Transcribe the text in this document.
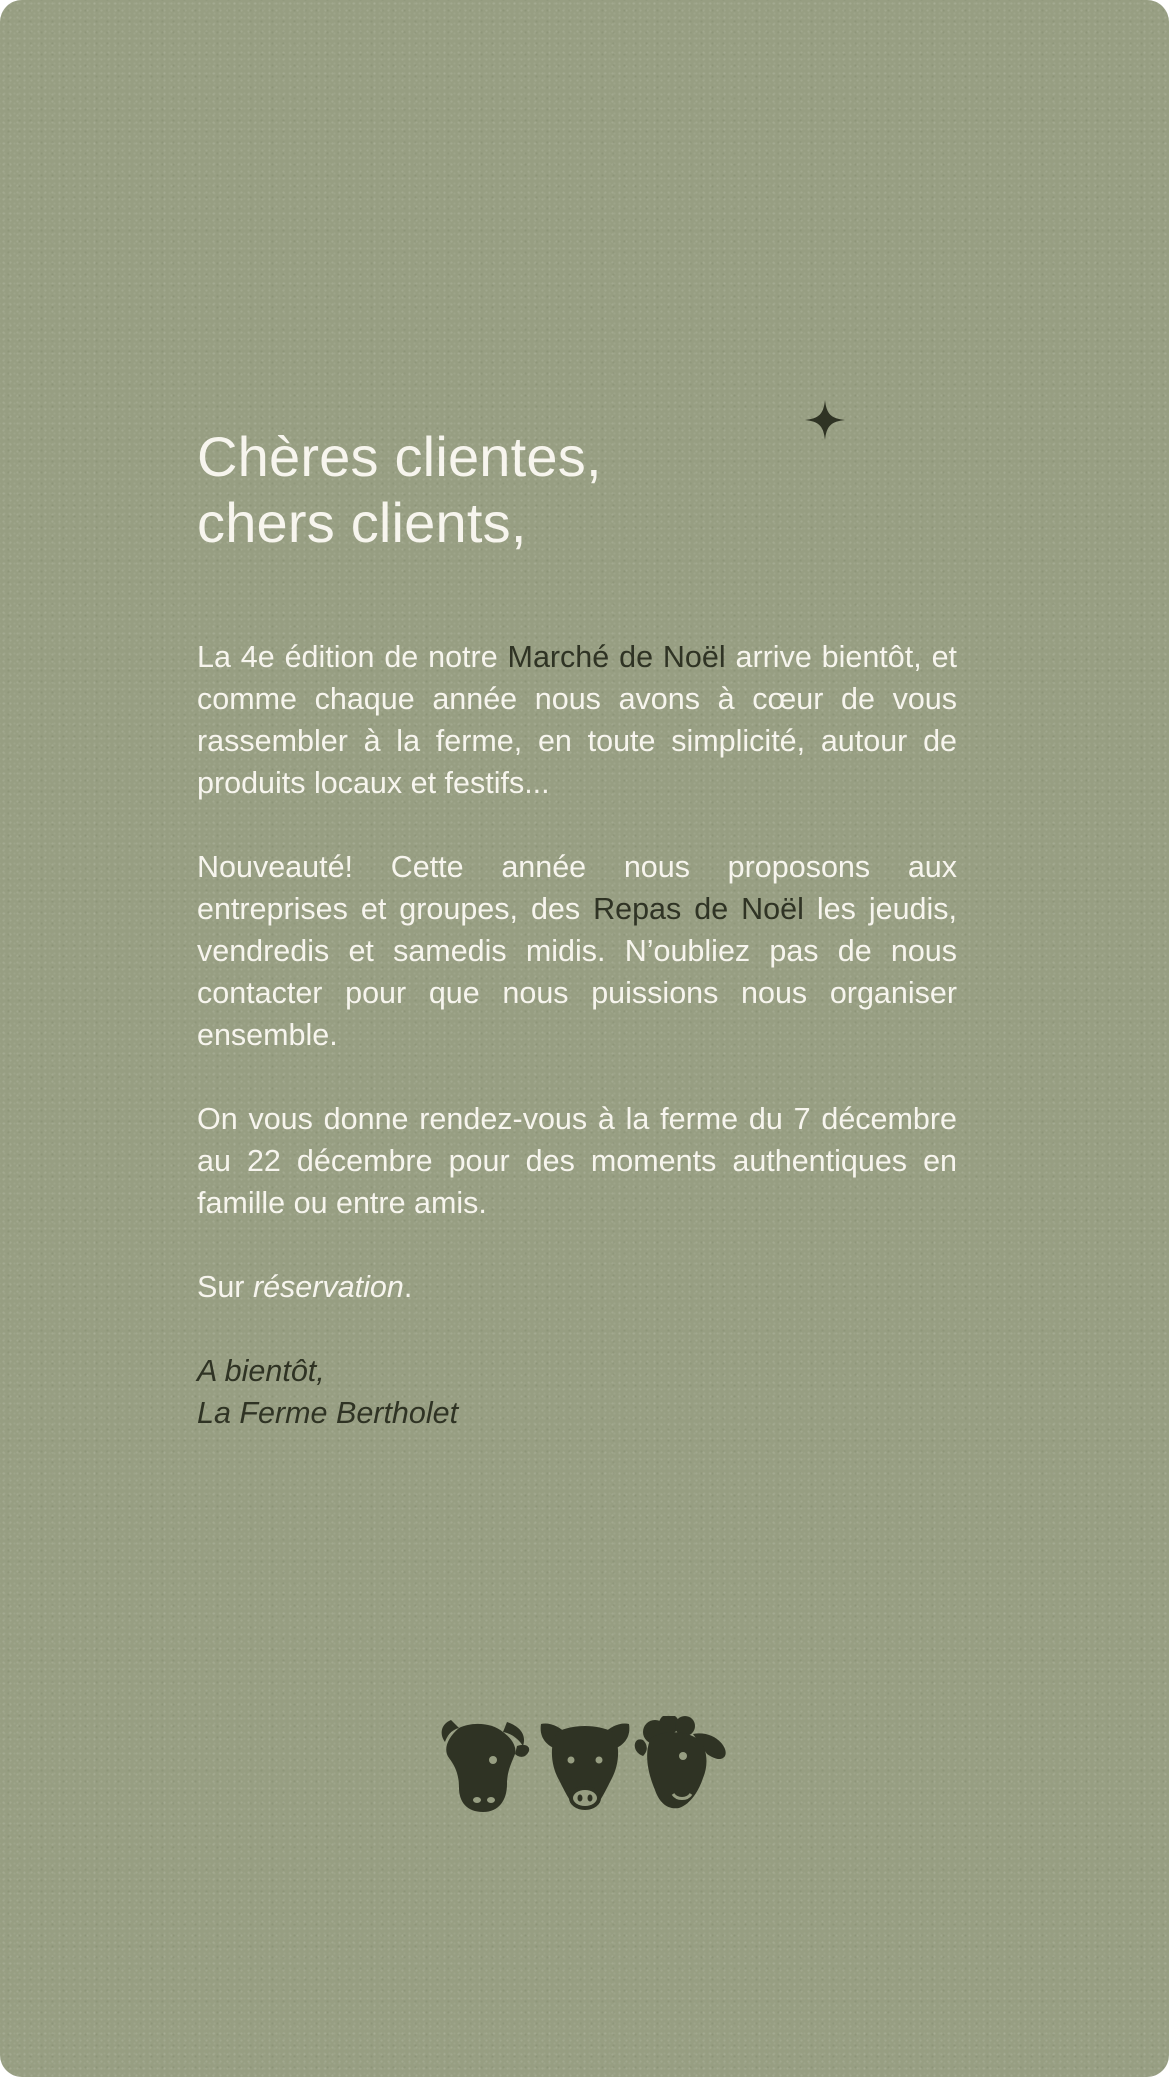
Chères clientes,
chers clients,

La 4e édition de notre Marché de Noël arrive bientôt, et comme chaque année nous avons à cœur de vous rassembler à la ferme, en toute simplicité, autour de produits locaux et festifs...

Nouveauté! Cette année nous proposons aux entreprises et groupes, des Repas de Noël les jeudis, vendredis et samedis midis. N’oubliez pas de nous contacter pour que nous puissions nous organiser ensemble.

On vous donne rendez-vous à la ferme du 7 décembre au 22 décembre pour des moments authentiques en famille ou entre amis.

Sur réservation.

A bientôt,
La Ferme Bertholet
